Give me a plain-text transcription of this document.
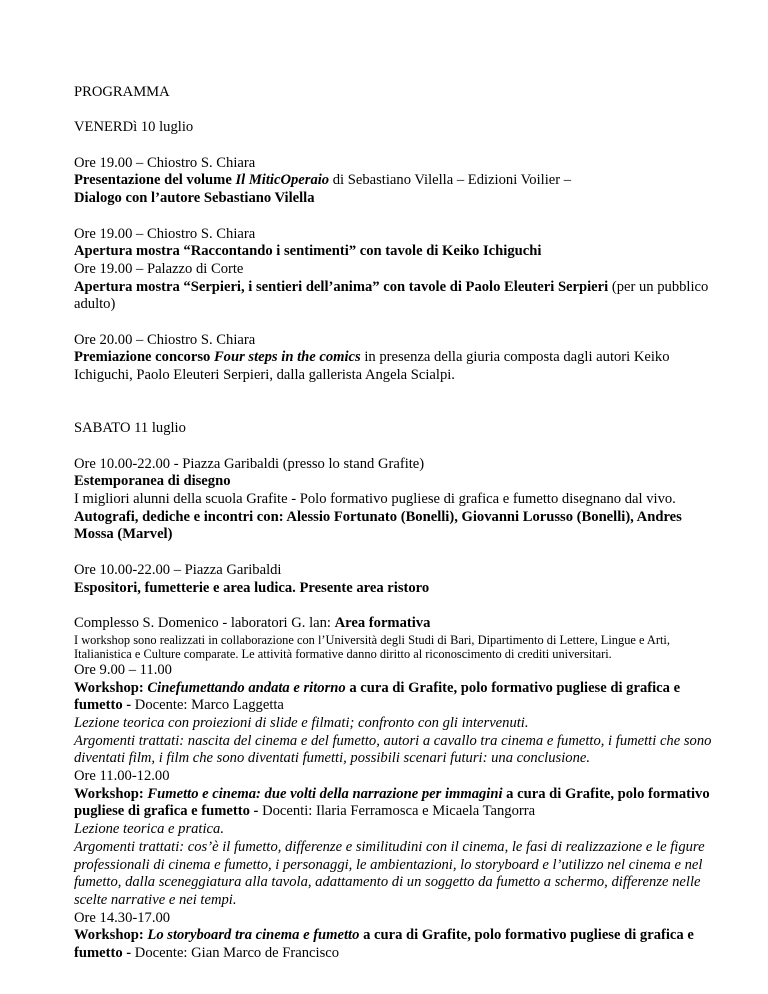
PROGRAMMA

VENERDì 10 luglio

Ore 19.00 – Chiostro S. Chiara

Presentazione del volume Il MiticOperaio di Sebastiano Vilella – Edizioni Voilier –

Dialogo con l’autore Sebastiano Vilella

Ore 19.00 – Chiostro S. Chiara

Apertura mostra “Raccontando i sentimenti” con tavole di Keiko Ichiguchi

Ore 19.00 – Palazzo di Corte

Apertura mostra “Serpieri, i sentieri dell’anima” con tavole di Paolo Eleuteri Serpieri (per un pubblico adulto)

Ore 20.00 – Chiostro S. Chiara

Premiazione concorso Four steps in the comics in presenza della giuria composta dagli autori Keiko Ichiguchi, Paolo Eleuteri Serpieri, dalla gallerista Angela Scialpi.

SABATO 11 luglio

Ore 10.00-22.00 - Piazza Garibaldi (presso lo stand Grafite)

Estemporanea di disegno

I migliori alunni della scuola Grafite - Polo formativo pugliese di grafica e fumetto disegnano dal vivo.

Autografi, dediche e incontri con: Alessio Fortunato (Bonelli), Giovanni Lorusso (Bonelli), Andres Mossa (Marvel)

Ore 10.00-22.00 – Piazza Garibaldi

Espositori, fumetterie e area ludica. Presente area ristoro

Complesso S. Domenico - laboratori G. lan: Area formativa

I workshop sono realizzati in collaborazione con l’Università degli Studi di Bari, Dipartimento di Lettere, Lingue e Arti, Italianistica e Culture comparate. Le attività formative danno diritto al riconoscimento di crediti universitari.

Ore 9.00 – 11.00

Workshop: Cinefumettando andata e ritorno a cura di Grafite, polo formativo pugliese di grafica e fumetto - Docente: Marco Laggetta

Lezione teorica con proiezioni di slide e filmati; confronto con gli intervenuti.

Argomenti trattati: nascita del cinema e del fumetto, autori a cavallo tra cinema e fumetto, i fumetti che sono diventati film, i film che sono diventati fumetti, possibili scenari futuri: una conclusione.

Ore 11.00-12.00

Workshop: Fumetto e cinema: due volti della narrazione per immagini a cura di Grafite, polo formativo pugliese di grafica e fumetto - Docenti: Ilaria Ferramosca e Micaela Tangorra

Lezione teorica e pratica.

Argomenti trattati: cos’è il fumetto, differenze e similitudini con il cinema, le fasi di realizzazione e le figure professionali di cinema e fumetto, i personaggi, le ambientazioni, lo storyboard e l’utilizzo nel cinema e nel fumetto, dalla sceneggiatura alla tavola, adattamento di un soggetto da fumetto a schermo, differenze nelle scelte narrative e nei tempi.

Ore 14.30-17.00

Workshop: Lo storyboard tra cinema e fumetto a cura di Grafite, polo formativo pugliese di grafica e fumetto - Docente: Gian Marco de Francisco
